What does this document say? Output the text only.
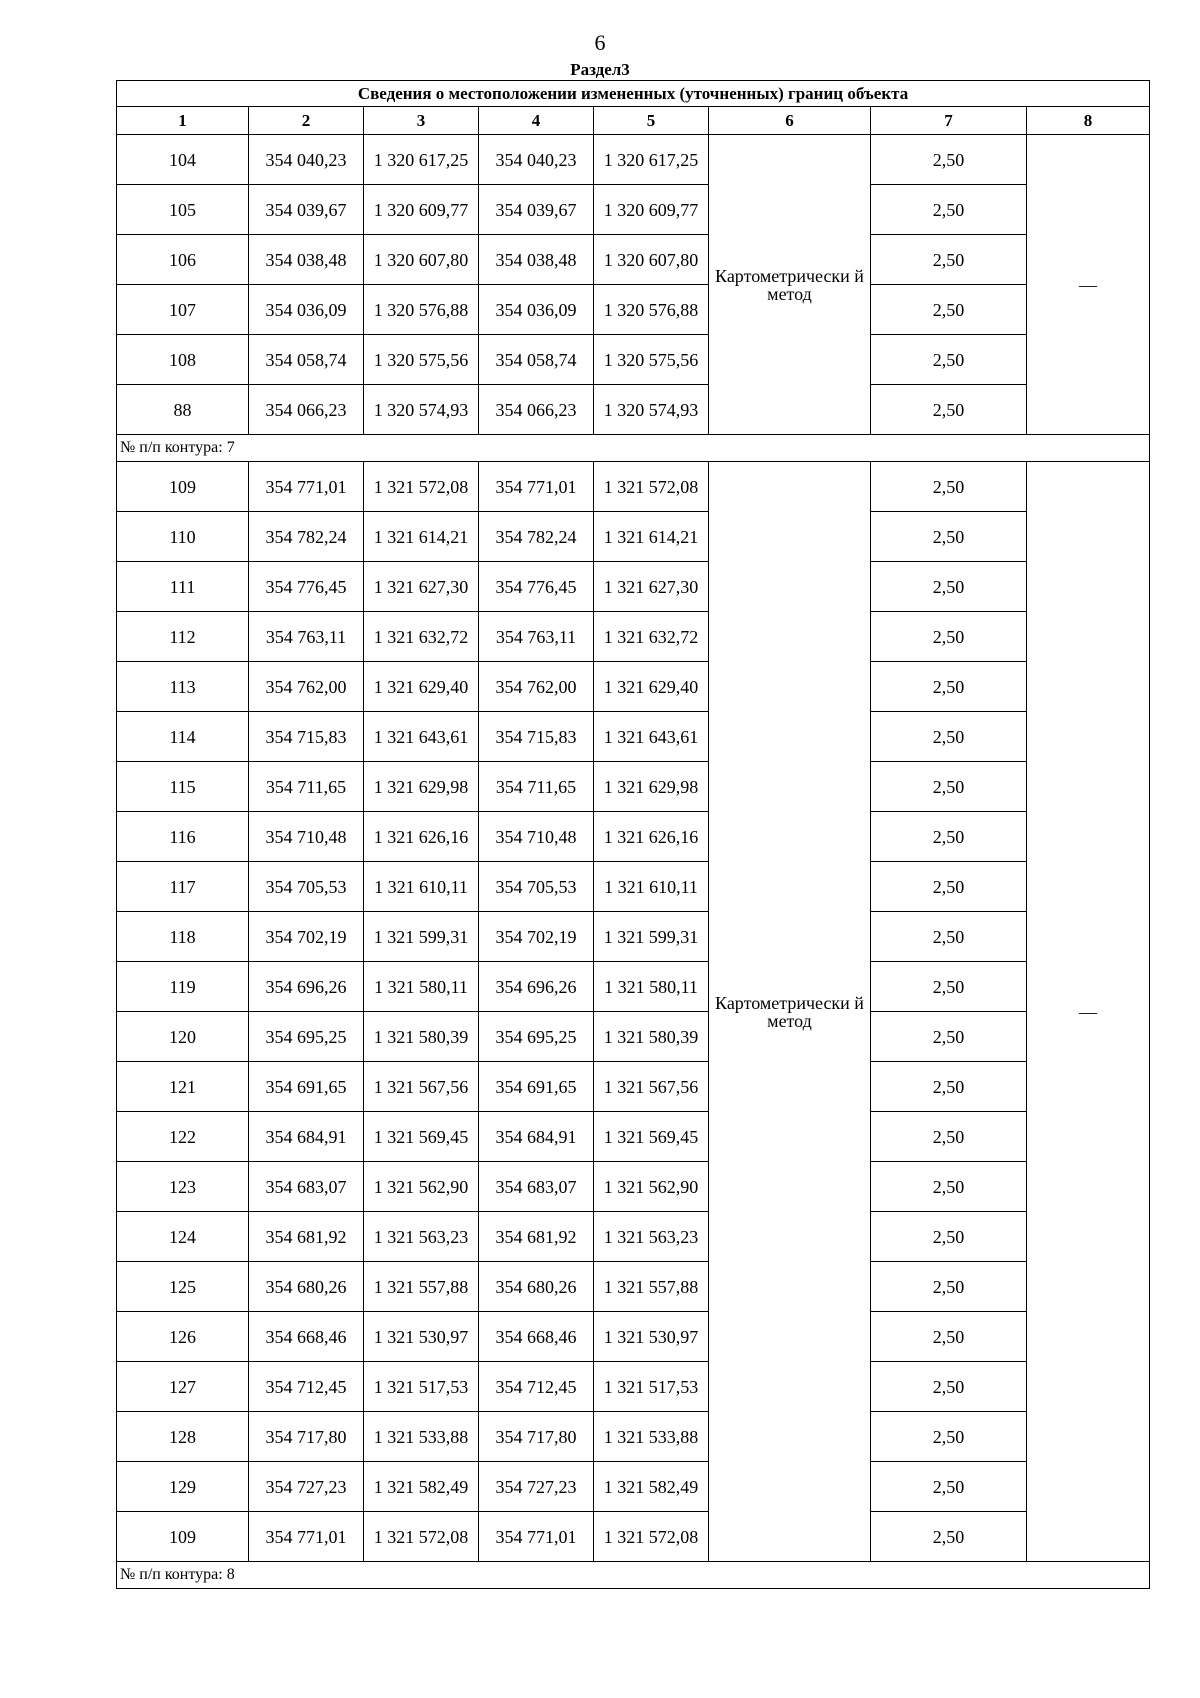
6
Раздел3
Сведения о местоположении измененных (уточненных) границ объекта							
1	2	3	4	5	6	7	8
104	354 040,23	1 320 617,25	354 040,23	1 320 617,25	Картометрически й метод	2,50	—
105	354 039,67	1 320 609,77	354 039,67	1 320 609,77		2,50	
106	354 038,48	1 320 607,80	354 038,48	1 320 607,80		2,50	
107	354 036,09	1 320 576,88	354 036,09	1 320 576,88		2,50	
108	354 058,74	1 320 575,56	354 058,74	1 320 575,56		2,50	
88	354 066,23	1 320 574,93	354 066,23	1 320 574,93		2,50	
№ п/п контура: 7							
109	354 771,01	1 321 572,08	354 771,01	1 321 572,08	Картометрически й метод	2,50	—
110	354 782,24	1 321 614,21	354 782,24	1 321 614,21		2,50	
111	354 776,45	1 321 627,30	354 776,45	1 321 627,30		2,50	
112	354 763,11	1 321 632,72	354 763,11	1 321 632,72		2,50	
113	354 762,00	1 321 629,40	354 762,00	1 321 629,40		2,50	
114	354 715,83	1 321 643,61	354 715,83	1 321 643,61		2,50	
115	354 711,65	1 321 629,98	354 711,65	1 321 629,98		2,50	
116	354 710,48	1 321 626,16	354 710,48	1 321 626,16		2,50	
117	354 705,53	1 321 610,11	354 705,53	1 321 610,11		2,50	
118	354 702,19	1 321 599,31	354 702,19	1 321 599,31		2,50	
119	354 696,26	1 321 580,11	354 696,26	1 321 580,11		2,50	
120	354 695,25	1 321 580,39	354 695,25	1 321 580,39		2,50	
121	354 691,65	1 321 567,56	354 691,65	1 321 567,56		2,50	
122	354 684,91	1 321 569,45	354 684,91	1 321 569,45		2,50	
123	354 683,07	1 321 562,90	354 683,07	1 321 562,90		2,50	
124	354 681,92	1 321 563,23	354 681,92	1 321 563,23		2,50	
125	354 680,26	1 321 557,88	354 680,26	1 321 557,88		2,50	
126	354 668,46	1 321 530,97	354 668,46	1 321 530,97		2,50	
127	354 712,45	1 321 517,53	354 712,45	1 321 517,53		2,50	
128	354 717,80	1 321 533,88	354 717,80	1 321 533,88		2,50	
129	354 727,23	1 321 582,49	354 727,23	1 321 582,49		2,50	
109	354 771,01	1 321 572,08	354 771,01	1 321 572,08		2,50	
№ п/п контура: 8							
